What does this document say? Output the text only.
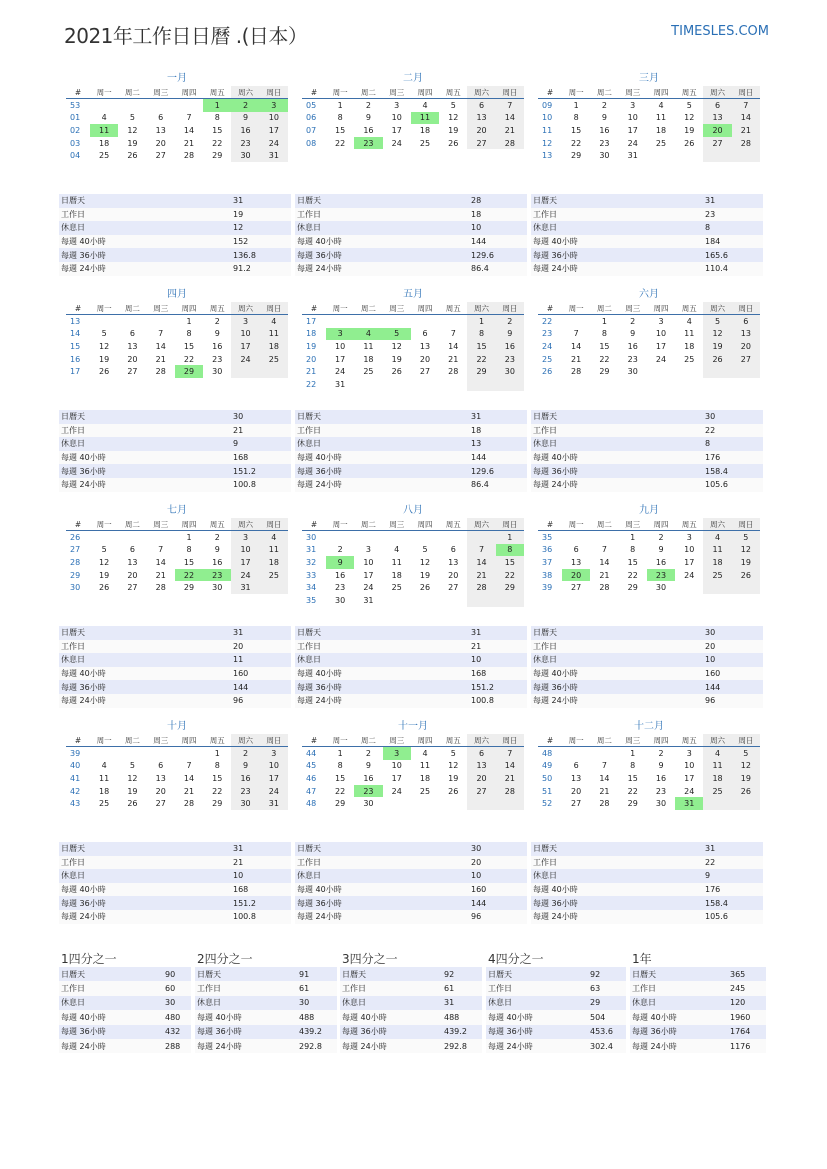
2021年工作日日曆 .(日本）	TIMESLES.COM
一月
#	周一	周二	周三	周四	周五	周六	周日
53					1	2	3
01	4	5	6	7	8	9	10
02	11	12	13	14	15	16	17
03	18	19	20	21	22	23	24
04	25	26	27	28	29	30	31
日曆天	31
工作日	19
休息日	12
每週 40小時	152
每週 36小時	136.8
每週 24小時	91.2
二月
#	周一	周二	周三	周四	周五	周六	周日
05	1	2	3	4	5	6	7
06	8	9	10	11	12	13	14
07	15	16	17	18	19	20	21
08	22	23	24	25	26	27	28
日曆天	28
工作日	18
休息日	10
每週 40小時	144
每週 36小時	129.6
每週 24小時	86.4
三月
#	周一	周二	周三	周四	周五	周六	周日
09	1	2	3	4	5	6	7
10	8	9	10	11	12	13	14
11	15	16	17	18	19	20	21
12	22	23	24	25	26	27	28
13	29	30	31				
日曆天	31
工作日	23
休息日	8
每週 40小時	184
每週 36小時	165.6
每週 24小時	110.4
四月
#	周一	周二	周三	周四	周五	周六	周日
13				1	2	3	4
14	5	6	7	8	9	10	11
15	12	13	14	15	16	17	18
16	19	20	21	22	23	24	25
17	26	27	28	29	30		
日曆天	30
工作日	21
休息日	9
每週 40小時	168
每週 36小時	151.2
每週 24小時	100.8
五月
#	周一	周二	周三	周四	周五	周六	周日
17						1	2
18	3	4	5	6	7	8	9
19	10	11	12	13	14	15	16
20	17	18	19	20	21	22	23
21	24	25	26	27	28	29	30
22	31						
日曆天	31
工作日	18
休息日	13
每週 40小時	144
每週 36小時	129.6
每週 24小時	86.4
六月
#	周一	周二	周三	周四	周五	周六	周日
22		1	2	3	4	5	6
23	7	8	9	10	11	12	13
24	14	15	16	17	18	19	20
25	21	22	23	24	25	26	27
26	28	29	30				
日曆天	30
工作日	22
休息日	8
每週 40小時	176
每週 36小時	158.4
每週 24小時	105.6
七月
#	周一	周二	周三	周四	周五	周六	周日
26				1	2	3	4
27	5	6	7	8	9	10	11
28	12	13	14	15	16	17	18
29	19	20	21	22	23	24	25
30	26	27	28	29	30	31	
日曆天	31
工作日	20
休息日	11
每週 40小時	160
每週 36小時	144
每週 24小時	96
八月
#	周一	周二	周三	周四	周五	周六	周日
30							1
31	2	3	4	5	6	7	8
32	9	10	11	12	13	14	15
33	16	17	18	19	20	21	22
34	23	24	25	26	27	28	29
35	30	31					
日曆天	31
工作日	21
休息日	10
每週 40小時	168
每週 36小時	151.2
每週 24小時	100.8
九月
#	周一	周二	周三	周四	周五	周六	周日
35			1	2	3	4	5
36	6	7	8	9	10	11	12
37	13	14	15	16	17	18	19
38	20	21	22	23	24	25	26
39	27	28	29	30			
日曆天	30
工作日	20
休息日	10
每週 40小時	160
每週 36小時	144
每週 24小時	96
十月
#	周一	周二	周三	周四	周五	周六	周日
39					1	2	3
40	4	5	6	7	8	9	10
41	11	12	13	14	15	16	17
42	18	19	20	21	22	23	24
43	25	26	27	28	29	30	31
日曆天	31
工作日	21
休息日	10
每週 40小時	168
每週 36小時	151.2
每週 24小時	100.8
十一月
#	周一	周二	周三	周四	周五	周六	周日
44	1	2	3	4	5	6	7
45	8	9	10	11	12	13	14
46	15	16	17	18	19	20	21
47	22	23	24	25	26	27	28
48	29	30					
日曆天	30
工作日	20
休息日	10
每週 40小時	160
每週 36小時	144
每週 24小時	96
十二月
#	周一	周二	周三	周四	周五	周六	周日
48			1	2	3	4	5
49	6	7	8	9	10	11	12
50	13	14	15	16	17	18	19
51	20	21	22	23	24	25	26
52	27	28	29	30	31		
日曆天	31
工作日	22
休息日	9
每週 40小時	176
每週 36小時	158.4
每週 24小時	105.6
1四分之一
日曆天	90
工作日	60
休息日	30
每週 40小時	480
每週 36小時	432
每週 24小時	288
2四分之一
日曆天	91
工作日	61
休息日	30
每週 40小時	488
每週 36小時	439.2
每週 24小時	292.8
3四分之一
日曆天	92
工作日	61
休息日	31
每週 40小時	488
每週 36小時	439.2
每週 24小時	292.8
4四分之一
日曆天	92
工作日	63
休息日	29
每週 40小時	504
每週 36小時	453.6
每週 24小時	302.4
1年
日曆天	365
工作日	245
休息日	120
每週 40小時	1960
每週 36小時	1764
每週 24小時	1176
